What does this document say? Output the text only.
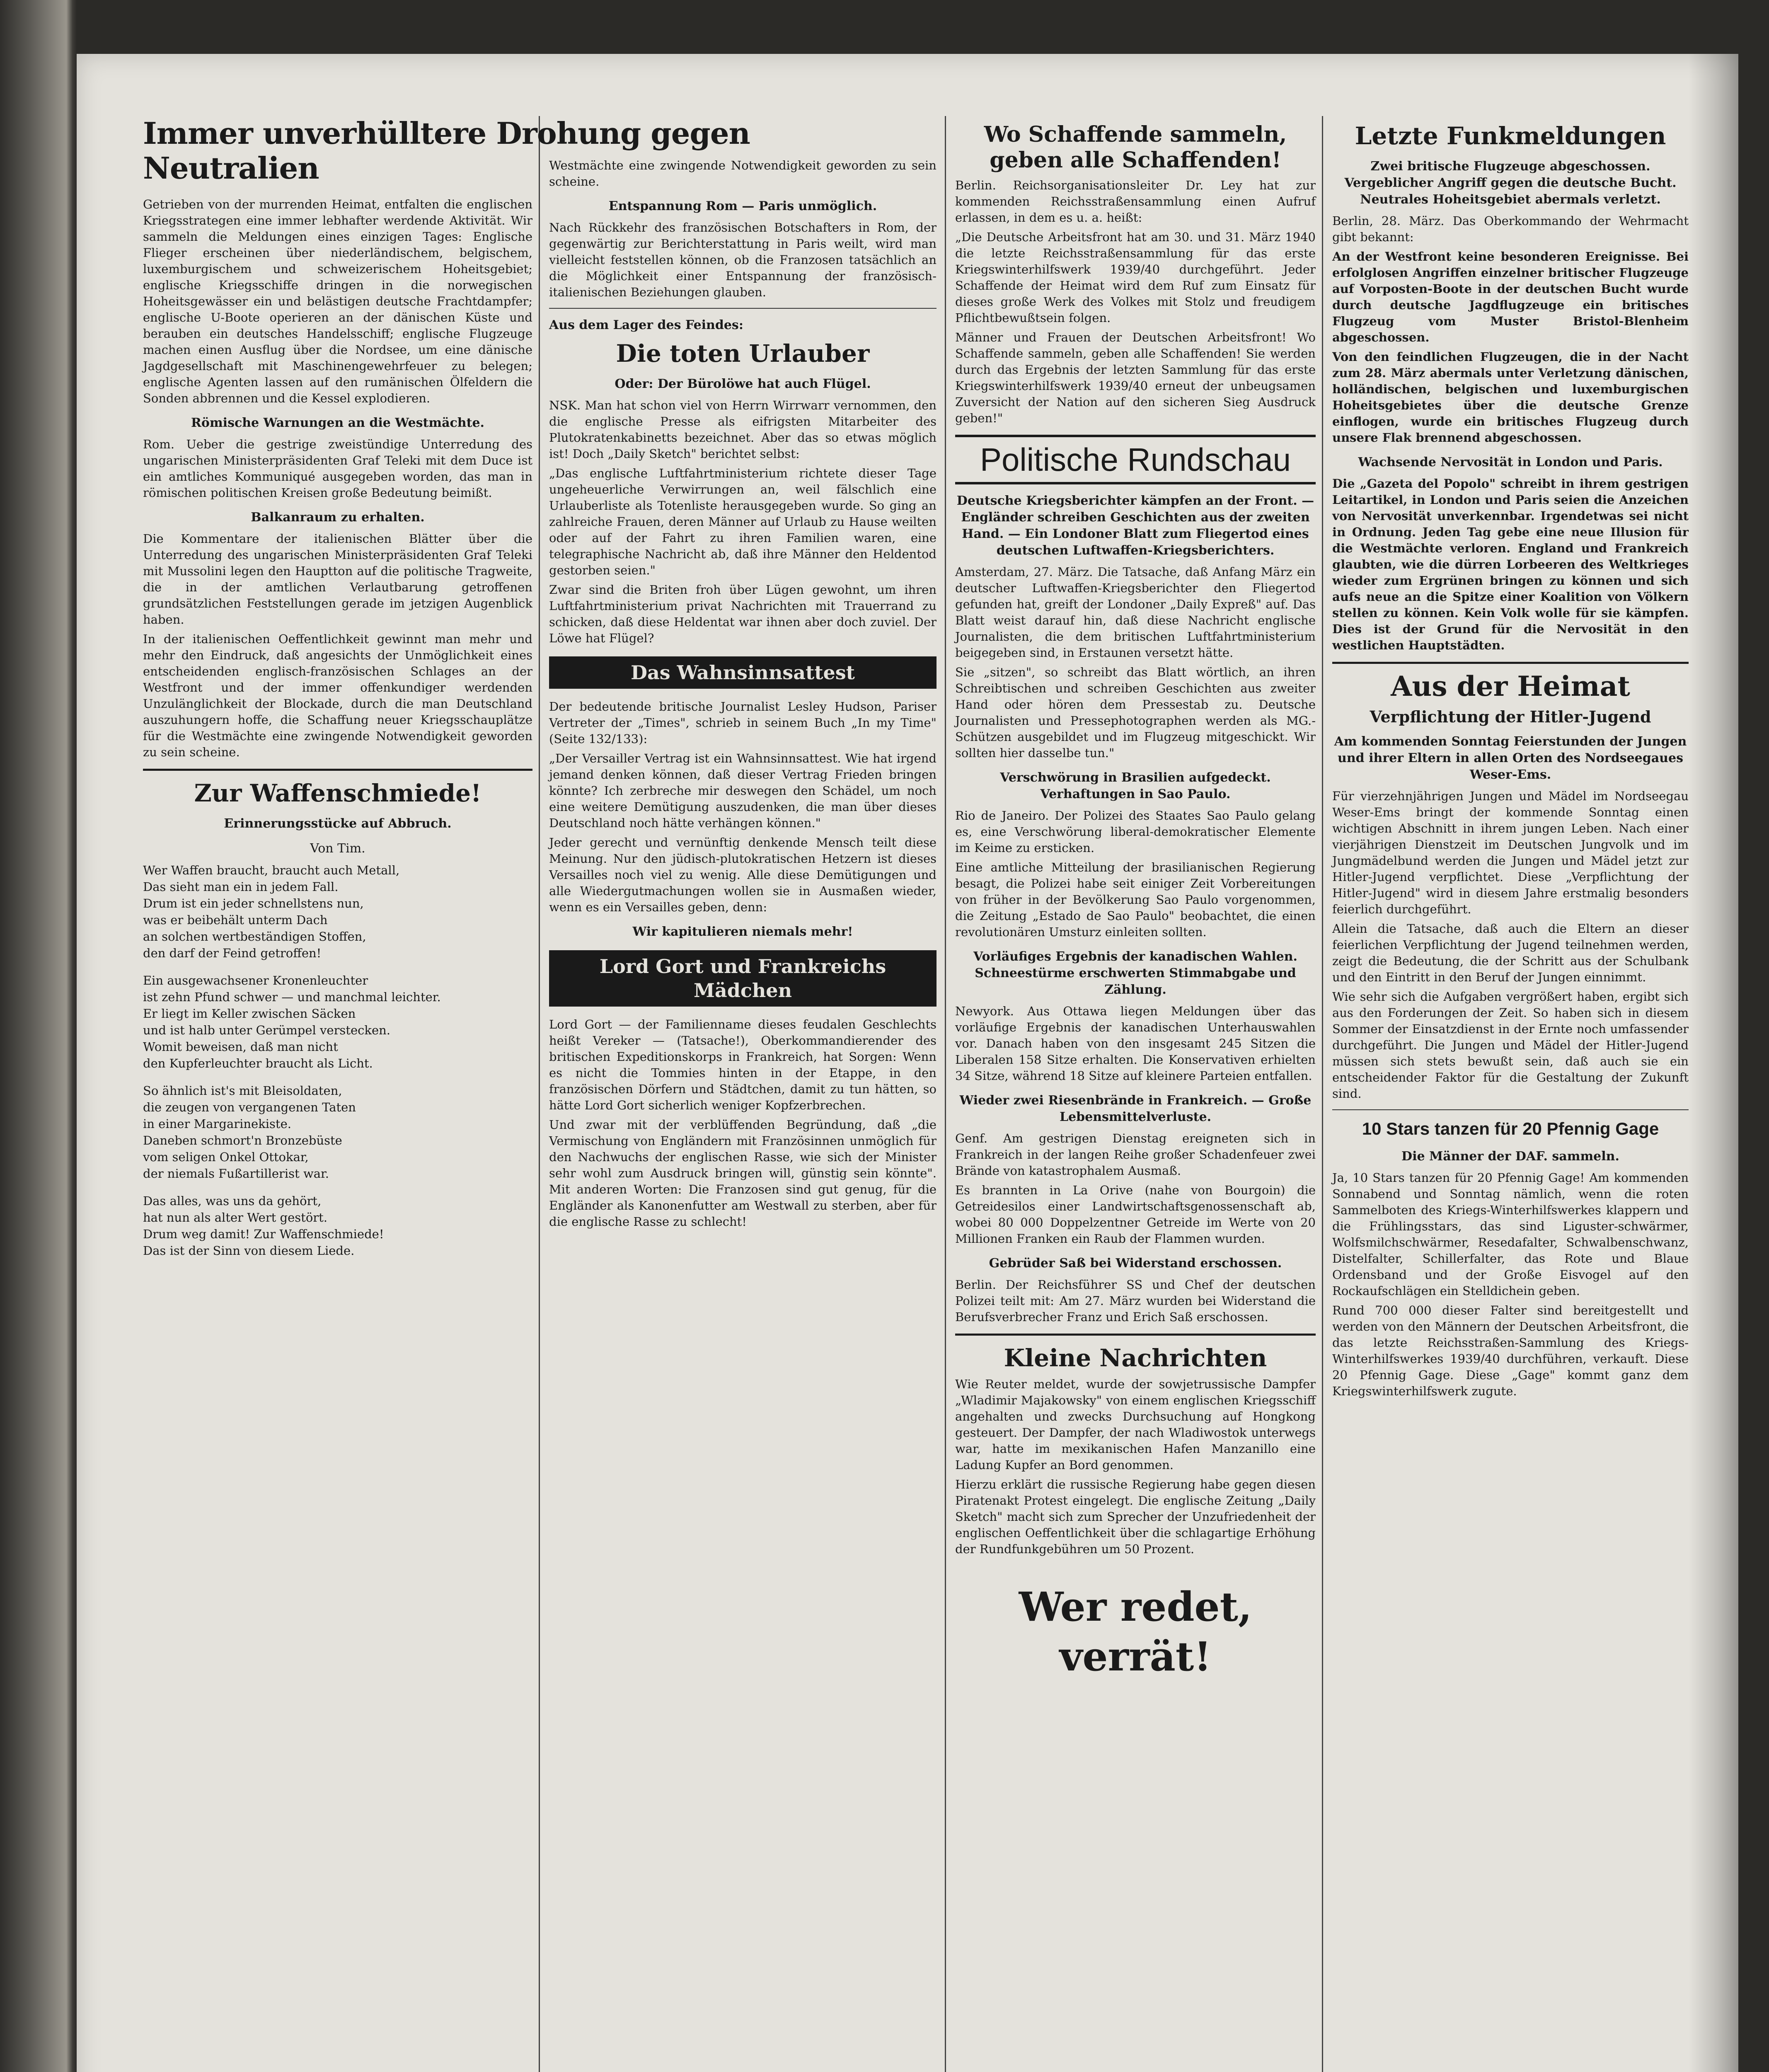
Immer unverhülltere Drohung gegen Neutralien

Getrieben von der murrenden Heimat, entfalten die englischen Kriegsstrategen eine immer lebhafter werdende Aktivität. Wir sammeln die Meldungen eines einzigen Tages: Englische Flieger erscheinen über niederländischem, belgischem, luxemburgischem und schweizerischem Hoheitsgebiet; englische Kriegsschiffe dringen in die norwegischen Hoheitsgewässer ein und belästigen deutsche Frachtdampfer; englische U-Boote operieren an der dänischen Küste und berauben ein deutsches Handelsschiff; englische Flugzeuge machen einen Ausflug über die Nordsee, um eine dänische Jagdgesellschaft mit Maschinengewehrfeuer zu belegen; englische Agenten lassen auf den rumänischen Ölfeldern die Sonden abbrennen und die Kessel explodieren.

Römische Warnungen an die Westmächte.

Rom. Ueber die gestrige zweistündige Unterredung des ungarischen Ministerpräsidenten Graf Teleki mit dem Duce ist ein amtliches Kommuniqué ausgegeben worden, das man in römischen politischen Kreisen große Bedeutung beimißt.

Balkanraum zu erhalten.

Die Kommentare der italienischen Blätter über die Unterredung des ungarischen Ministerpräsidenten Graf Teleki mit Mussolini legen den Hauptton auf die politische Tragweite, die in der amtlichen Verlautbarung getroffenen grundsätzlichen Feststellungen gerade im jetzigen Augenblick haben.

In der italienischen Oeffentlichkeit gewinnt man mehr und mehr den Eindruck, daß angesichts der Unmöglichkeit eines entscheidenden englisch-französischen Schlages an der Westfront und der immer offenkundiger werdenden Unzulänglichkeit der Blockade, durch die man Deutschland auszuhungern hoffe, die Schaffung neuer Kriegsschauplätze für die Westmächte eine zwingende Notwendigkeit geworden zu sein scheine.

Zur Waffenschmiede!
Erinnerungsstücke auf Abbruch.
Von Tim.

Wer Waffen braucht, braucht auch Metall,

Das sieht man ein in jedem Fall.

Drum ist ein jeder schnellstens nun,

was er beibehält unterm Dach

an solchen wertbeständigen Stoffen,

den darf der Feind getroffen!

Ein ausgewachsener Kronenleuchter

ist zehn Pfund schwer — und manchmal leichter.

Er liegt im Keller zwischen Säcken

und ist halb unter Gerümpel verstecken.

Womit beweisen, daß man nicht

den Kupferleuchter braucht als Licht.

So ähnlich ist's mit Bleisoldaten,

die zeugen von vergangenen Taten

in einer Margarinekiste.

Daneben schmort'n Bronzebüste

vom seligen Onkel Ottokar,

der niemals Fußartillerist war.

Das alles, was uns da gehört,

hat nun als alter Wert gestört.

Drum weg damit! Zur Waffenschmiede!

Das ist der Sinn von diesem Liede.

Westmächte eine zwingende Notwendigkeit geworden zu sein scheine.

Entspannung Rom — Paris unmöglich.

Nach Rückkehr des französischen Botschafters in Rom, der gegenwärtig zur Berichterstattung in Paris weilt, wird man vielleicht feststellen können, ob die Franzosen tatsächlich an die Möglichkeit einer Entspannung der französisch-italienischen Beziehungen glauben.

Aus dem Lager des Feindes:
Die toten Urlauber
Oder: Der Bürolöwe hat auch Flügel.

NSK. Man hat schon viel von Herrn Wirrwarr vernommen, den die englische Presse als eifrigsten Mitarbeiter des Plutokratenkabinetts bezeichnet. Aber das so etwas möglich ist! Doch „Daily Sketch" berichtet selbst:

„Das englische Luftfahrtministerium richtete dieser Tage ungeheuerliche Verwirrungen an, weil fälschlich eine Urlauberliste als Totenliste herausgegeben wurde. So ging an zahlreiche Frauen, deren Männer auf Urlaub zu Hause weilten oder auf der Fahrt zu ihren Familien waren, eine telegraphische Nachricht ab, daß ihre Männer den Heldentod gestorben seien."

Zwar sind die Briten froh über Lügen gewohnt, um ihren Luftfahrtministerium privat Nachrichten mit Trauerrand zu schicken, daß diese Heldentat war ihnen aber doch zuviel. Der Löwe hat Flügel?

Das Wahnsinnsattest

Der bedeutende britische Journalist Lesley Hudson, Pariser Vertreter der „Times", schrieb in seinem Buch „In my Time" (Seite 132/133):

„Der Versailler Vertrag ist ein Wahnsinnsattest. Wie hat irgend jemand denken können, daß dieser Vertrag Frieden bringen könnte? Ich zerbreche mir deswegen den Schädel, um noch eine weitere Demütigung auszudenken, die man über dieses Deutschland noch hätte verhängen können."

Jeder gerecht und vernünftig denkende Mensch teilt diese Meinung. Nur den jüdisch-plutokratischen Hetzern ist dieses Versailles noch viel zu wenig. Alle diese Demütigungen und alle Wiedergutmachungen wollen sie in Ausmaßen wieder, wenn es ein Versailles geben, denn:

Wir kapitulieren niemals mehr!
Lord Gort und Frankreichs Mädchen

Lord Gort — der Familienname dieses feudalen Geschlechts heißt Vereker — (Tatsache!), Oberkommandierender des britischen Expeditionskorps in Frankreich, hat Sorgen: Wenn es nicht die Tommies hinten in der Etappe, in den französischen Dörfern und Städtchen, damit zu tun hätten, so hätte Lord Gort sicherlich weniger Kopfzerbrechen.

Und zwar mit der verblüffenden Begründung, daß „die Vermischung von Engländern mit Französinnen unmöglich für den Nachwuchs der englischen Rasse, wie sich der Minister sehr wohl zum Ausdruck bringen will, günstig sein könnte". Mit anderen Worten: Die Franzosen sind gut genug, für die Engländer als Kanonenfutter am Westwall zu sterben, aber für die englische Rasse zu schlecht!

Wo Schaffende sammeln, geben alle Schaffenden!

Berlin. Reichsorganisationsleiter Dr. Ley hat zur kommenden Reichsstraßensammlung einen Aufruf erlassen, in dem es u. a. heißt:

„Die Deutsche Arbeitsfront hat am 30. und 31. März 1940 die letzte Reichsstraßensammlung für das erste Kriegswinterhilfswerk 1939/40 durchgeführt. Jeder Schaffende der Heimat wird dem Ruf zum Einsatz für dieses große Werk des Volkes mit Stolz und freudigem Pflichtbewußtsein folgen.

Männer und Frauen der Deutschen Arbeitsfront! Wo Schaffende sammeln, geben alle Schaffenden! Sie werden durch das Ergebnis der letzten Sammlung für das erste Kriegswinterhilfswerk 1939/40 erneut der unbeugsamen Zuversicht der Nation auf den sicheren Sieg Ausdruck geben!"

Politische Rundschau
Deutsche Kriegsberichter kämpfen an der Front. — Engländer schreiben Geschichten aus der zweiten Hand. — Ein Londoner Blatt zum Fliegertod eines deutschen Luftwaffen-Kriegsberichters.

Amsterdam, 27. März. Die Tatsache, daß Anfang März ein deutscher Luftwaffen-Kriegsberichter den Fliegertod gefunden hat, greift der Londoner „Daily Expreß" auf. Das Blatt weist darauf hin, daß diese Nachricht englische Journalisten, die dem britischen Luftfahrtministerium beigegeben sind, in Erstaunen versetzt hätte.

Sie „sitzen", so schreibt das Blatt wörtlich, an ihren Schreibtischen und schreiben Geschichten aus zweiter Hand oder hören dem Pressestab zu. Deutsche Journalisten und Pressephotographen werden als MG.-Schützen ausgebildet und im Flugzeug mitgeschickt. Wir sollten hier dasselbe tun."

Verschwörung in Brasilien aufgedeckt. Verhaftungen in Sao Paulo.

Rio de Janeiro. Der Polizei des Staates Sao Paulo gelang es, eine Verschwörung liberal-demokratischer Elemente im Keime zu ersticken.

Eine amtliche Mitteilung der brasilianischen Regierung besagt, die Polizei habe seit einiger Zeit Vorbereitungen von früher in der Bevölkerung Sao Paulo vorgenommen, die Zeitung „Estado de Sao Paulo" beobachtet, die einen revolutionären Umsturz einleiten sollten.

Vorläufiges Ergebnis der kanadischen Wahlen. Schneestürme erschwerten Stimmabgabe und Zählung.

Newyork. Aus Ottawa liegen Meldungen über das vorläufige Ergebnis der kanadischen Unterhauswahlen vor. Danach haben von den insgesamt 245 Sitzen die Liberalen 158 Sitze erhalten. Die Konservativen erhielten 34 Sitze, während 18 Sitze auf kleinere Parteien entfallen.

Wieder zwei Riesenbrände in Frankreich. — Große Lebensmittelverluste.

Genf. Am gestrigen Dienstag ereigneten sich in Frankreich in der langen Reihe großer Schadenfeuer zwei Brände von katastrophalem Ausmaß.

Es brannten in La Orive (nahe von Bourgoin) die Getreidesilos einer Landwirtschaftsgenossenschaft ab, wobei 80 000 Doppelzentner Getreide im Werte von 20 Millionen Franken ein Raub der Flammen wurden.

Gebrüder Saß bei Widerstand erschossen.

Berlin. Der Reichsführer SS und Chef der deutschen Polizei teilt mit: Am 27. März wurden bei Widerstand die Berufsverbrecher Franz und Erich Saß erschossen.

Kleine Nachrichten

Wie Reuter meldet, wurde der sowjetrussische Dampfer „Wladimir Majakowsky" von einem englischen Kriegsschiff angehalten und zwecks Durchsuchung auf Hongkong gesteuert. Der Dampfer, der nach Wladiwostok unterwegs war, hatte im mexikanischen Hafen Manzanillo eine Ladung Kupfer an Bord genommen.

Hierzu erklärt die russische Regierung habe gegen diesen Piratenakt Protest eingelegt. Die englische Zeitung „Daily Sketch" macht sich zum Sprecher der Unzufriedenheit der englischen Oeffentlichkeit über die schlagartige Erhöhung der Rundfunkgebühren um 50 Prozent.

Wer redet, verrät!
Letzte Funkmeldungen
Zwei britische Flugzeuge abgeschossen. Vergeblicher Angriff gegen die deutsche Bucht. Neutrales Hoheitsgebiet abermals verletzt.

Berlin, 28. März. Das Oberkommando der Wehrmacht gibt bekannt:

An der Westfront keine besonderen Ereignisse. Bei erfolglosen Angriffen einzelner britischer Flugzeuge auf Vorposten-Boote in der deutschen Bucht wurde durch deutsche Jagdflugzeuge ein britisches Flugzeug vom Muster Bristol-Blenheim abgeschossen.

Von den feindlichen Flugzeugen, die in der Nacht zum 28. März abermals unter Verletzung dänischen, holländischen, belgischen und luxemburgischen Hoheitsgebietes über die deutsche Grenze einflogen, wurde ein britisches Flugzeug durch unsere Flak brennend abgeschossen.

Wachsende Nervosität in London und Paris.

Die „Gazeta del Popolo" schreibt in ihrem gestrigen Leitartikel, in London und Paris seien die Anzeichen von Nervosität unverkennbar. Irgendetwas sei nicht in Ordnung. Jeden Tag gebe eine neue Illusion für die Westmächte verloren. England und Frankreich glaubten, wie die dürren Lorbeeren des Weltkrieges wieder zum Ergrünen bringen zu können und sich aufs neue an die Spitze einer Koalition von Völkern stellen zu können. Kein Volk wolle für sie kämpfen. Dies ist der Grund für die Nervosität in den westlichen Hauptstädten.

Aus der Heimat
Verpflichtung der Hitler-Jugend
Am kommenden Sonntag Feierstunden der Jungen und ihrer Eltern in allen Orten des Nordseegaues Weser-Ems.

Für vierzehnjährigen Jungen und Mädel im Nordseegau Weser-Ems bringt der kommende Sonntag einen wichtigen Abschnitt in ihrem jungen Leben. Nach einer vierjährigen Dienstzeit im Deutschen Jungvolk und im Jungmädelbund werden die Jungen und Mädel jetzt zur Hitler-Jugend verpflichtet. Diese „Verpflichtung der Hitler-Jugend" wird in diesem Jahre erstmalig besonders feierlich durchgeführt.

Allein die Tatsache, daß auch die Eltern an dieser feierlichen Verpflichtung der Jugend teilnehmen werden, zeigt die Bedeutung, die der Schritt aus der Schulbank und den Eintritt in den Beruf der Jungen einnimmt.

Wie sehr sich die Aufgaben vergrößert haben, ergibt sich aus den Forderungen der Zeit. So haben sich in diesem Sommer der Einsatzdienst in der Ernte noch umfassender durchgeführt. Die Jungen und Mädel der Hitler-Jugend müssen sich stets bewußt sein, daß auch sie ein entscheidender Faktor für die Gestaltung der Zukunft sind.

10 Stars tanzen für 20 Pfennig Gage
Die Männer der DAF. sammeln.

Ja, 10 Stars tanzen für 20 Pfennig Gage! Am kommenden Sonnabend und Sonntag nämlich, wenn die roten Sammelboten des Kriegs-Winterhilfswerkes klappern und die Frühlingsstars, das sind Liguster-schwärmer, Wolfsmilchschwärmer, Resedafalter, Schwalbenschwanz, Distelfalter, Schillerfalter, das Rote und Blaue Ordensband und der Große Eisvogel auf den Rockaufschlägen ein Stelldichein geben.

Rund 700 000 dieser Falter sind bereitgestellt und werden von den Männern der Deutschen Arbeitsfront, die das letzte Reichsstraßen-Sammlung des Kriegs-Winterhilfswerkes 1939/40 durchführen, verkauft. Diese 20 Pfennig Gage. Diese „Gage" kommt ganz dem Kriegswinterhilfswerk zugute.
